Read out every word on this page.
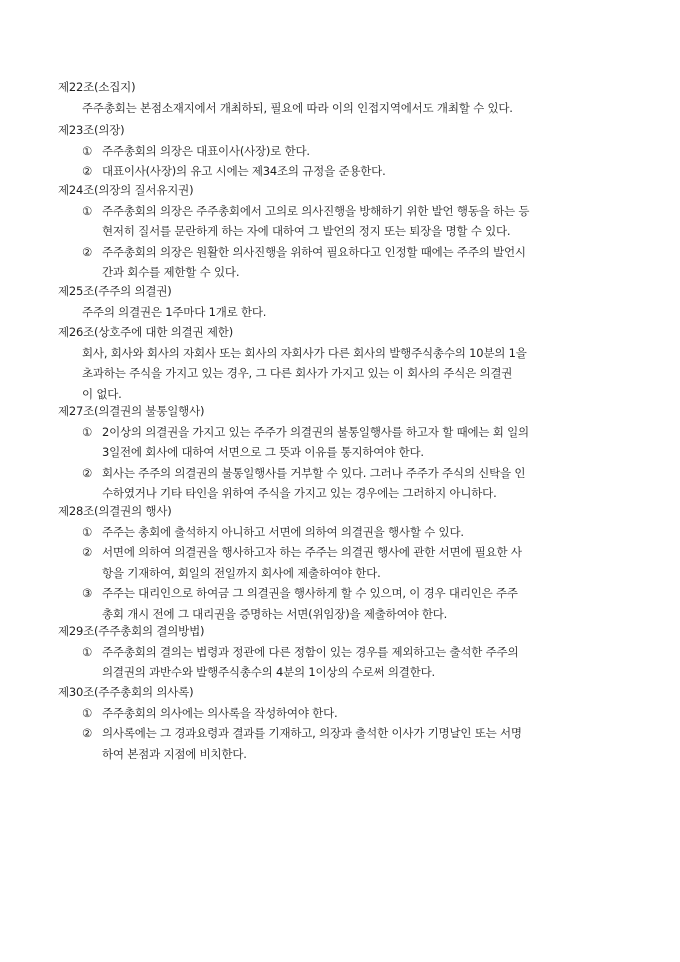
제22조(소집지)
주주총회는 본점소재지에서 개최하되, 필요에 따라 이의 인접지역에서도 개최할 수 있다.
제23조(의장)
① 주주총회의 의장은 대표이사(사장)로 한다.
② 대표이사(사장)의 유고 시에는 제34조의 규정을 준용한다.
제24조(의장의 질서유지권)
① 주주총회의 의장은 주주총회에서 고의로 의사진행을 방해하기 위한 발언 행동을 하는 등
현저히 질서를 문란하게 하는 자에 대하여 그 발언의 정지 또는 퇴장을 명할 수 있다.
② 주주총회의 의장은 원활한 의사진행을 위하여 필요하다고 인정할 때에는 주주의 발언시
간과 회수를 제한할 수 있다.
제25조(주주의 의결권)
주주의 의결권은 1주마다 1개로 한다.
제26조(상호주에 대한 의결권 제한)
회사, 회사와 회사의 자회사 또는 회사의 자회사가 다른 회사의 발행주식총수의 10분의 1을
초과하는 주식을 가지고 있는 경우, 그 다른 회사가 가지고 있는 이 회사의 주식은 의결권
이 없다.
제27조(의결권의 불통일행사)
① 2이상의 의결권을 가지고 있는 주주가 의결권의 불통일행사를 하고자 할 때에는 회 일의
3일전에 회사에 대하여 서면으로 그 뜻과 이유를 통지하여야 한다.
② 회사는 주주의 의결권의 불통일행사를 거부할 수 있다. 그러나 주주가 주식의 신탁을 인
수하였거나 기타 타인을 위하여 주식을 가지고 있는 경우에는 그러하지 아니하다.
제28조(의결권의 행사)
① 주주는 총회에 출석하지 아니하고 서면에 의하여 의결권을 행사할 수 있다.
② 서면에 의하여 의결권을 행사하고자 하는 주주는 의결권 행사에 관한 서면에 필요한 사
항을 기재하여, 회일의 전일까지 회사에 제출하여야 한다.
③ 주주는 대리인으로 하여금 그 의결권을 행사하게 할 수 있으며, 이 경우 대리인은 주주
총회 개시 전에 그 대리권을 증명하는 서면(위임장)을 제출하여야 한다.
제29조(주주총회의 결의방법)
① 주주총회의 결의는 법령과 정관에 다른 정함이 있는 경우를 제외하고는 출석한 주주의
의결권의 과반수와 발행주식총수의 4분의 1이상의 수로써 의결한다.
제30조(주주총회의 의사록)
① 주주총회의 의사에는 의사록을 작성하여야 한다.
② 의사록에는 그 경과요령과 결과를 기재하고, 의장과 출석한 이사가 기명날인 또는 서명
하여 본점과 지점에 비치한다.
